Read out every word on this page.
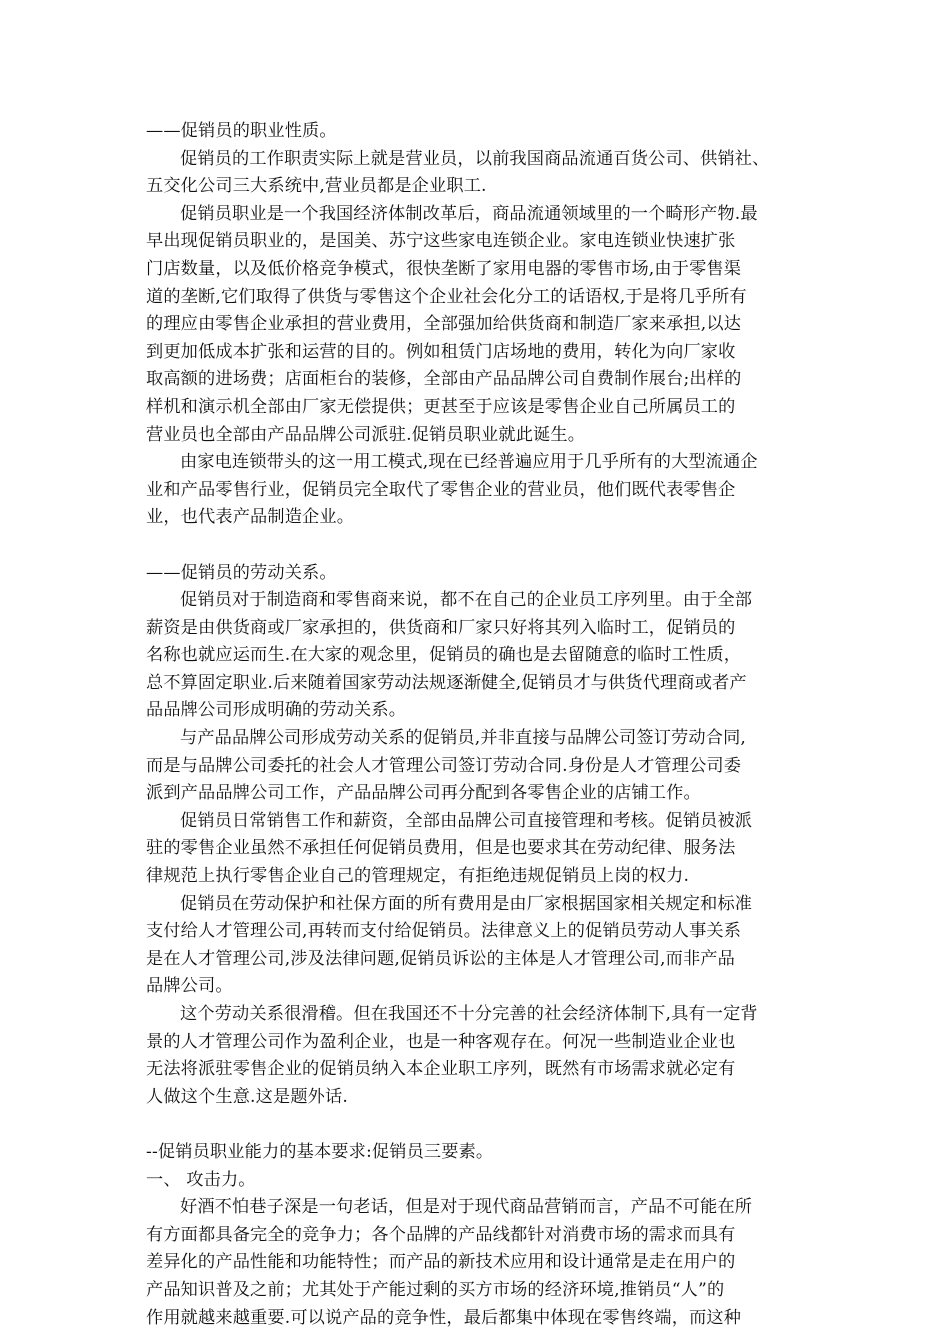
——促销员的职业性质。
促销员的工作职责实际上就是营业员，以前我国商品流通百货公司、供销社、
五交化公司三大系统中,营业员都是企业职工.
促销员职业是一个我国经济体制改革后，商品流通领域里的一个畸形产物.最
早出现促销员职业的，是国美、苏宁这些家电连锁企业。家电连锁业快速扩张
门店数量，以及低价格竞争模式，很快垄断了家用电器的零售市场,由于零售渠
道的垄断,它们取得了供货与零售这个企业社会化分工的话语权,于是将几乎所有
的理应由零售企业承担的营业费用，全部强加给供货商和制造厂家来承担,以达
到更加低成本扩张和运营的目的。例如租赁门店场地的费用，转化为向厂家收
取高额的进场费；店面柜台的装修，全部由产品品牌公司自费制作展台;出样的
样机和演示机全部由厂家无偿提供；更甚至于应该是零售企业自己所属员工的
营业员也全部由产品品牌公司派驻.促销员职业就此诞生。
由家电连锁带头的这一用工模式,现在已经普遍应用于几乎所有的大型流通企
业和产品零售行业，促销员完全取代了零售企业的营业员，他们既代表零售企
业，也代表产品制造企业。
——促销员的劳动关系。
促销员对于制造商和零售商来说，都不在自己的企业员工序列里。由于全部
薪资是由供货商或厂家承担的，供货商和厂家只好将其列入临时工，促销员的
名称也就应运而生.在大家的观念里，促销员的确也是去留随意的临时工性质，
总不算固定职业.后来随着国家劳动法规逐渐健全,促销员才与供货代理商或者产
品品牌公司形成明确的劳动关系。
与产品品牌公司形成劳动关系的促销员,并非直接与品牌公司签订劳动合同,
而是与品牌公司委托的社会人才管理公司签订劳动合同.身份是人才管理公司委
派到产品品牌公司工作，产品品牌公司再分配到各零售企业的店铺工作。
促销员日常销售工作和薪资，全部由品牌公司直接管理和考核。促销员被派
驻的零售企业虽然不承担任何促销员费用，但是也要求其在劳动纪律、服务法
律规范上执行零售企业自己的管理规定，有拒绝违规促销员上岗的权力.
促销员在劳动保护和社保方面的所有费用是由厂家根据国家相关规定和标准
支付给人才管理公司,再转而支付给促销员。法律意义上的促销员劳动人事关系
是在人才管理公司,涉及法律问题,促销员诉讼的主体是人才管理公司,而非产品
品牌公司。
这个劳动关系很滑稽。但在我国还不十分完善的社会经济体制下,具有一定背
景的人才管理公司作为盈利企业，也是一种客观存在。何况一些制造业企业也
无法将派驻零售企业的促销员纳入本企业职工序列，既然有市场需求就必定有
人做这个生意.这是题外话.
--促销员职业能力的基本要求:促销员三要素。
一、 攻击力。
好酒不怕巷子深是一句老话，但是对于现代商品营销而言，产品不可能在所
有方面都具备完全的竞争力；各个品牌的产品线都针对消费市场的需求而具有
差异化的产品性能和功能特性；而产品的新技术应用和设计通常是走在用户的
产品知识普及之前；尤其处于产能过剩的买方市场的经济环境,推销员“人”的
作用就越来越重要.可以说产品的竞争性，最后都集中体现在零售终端，而这种
